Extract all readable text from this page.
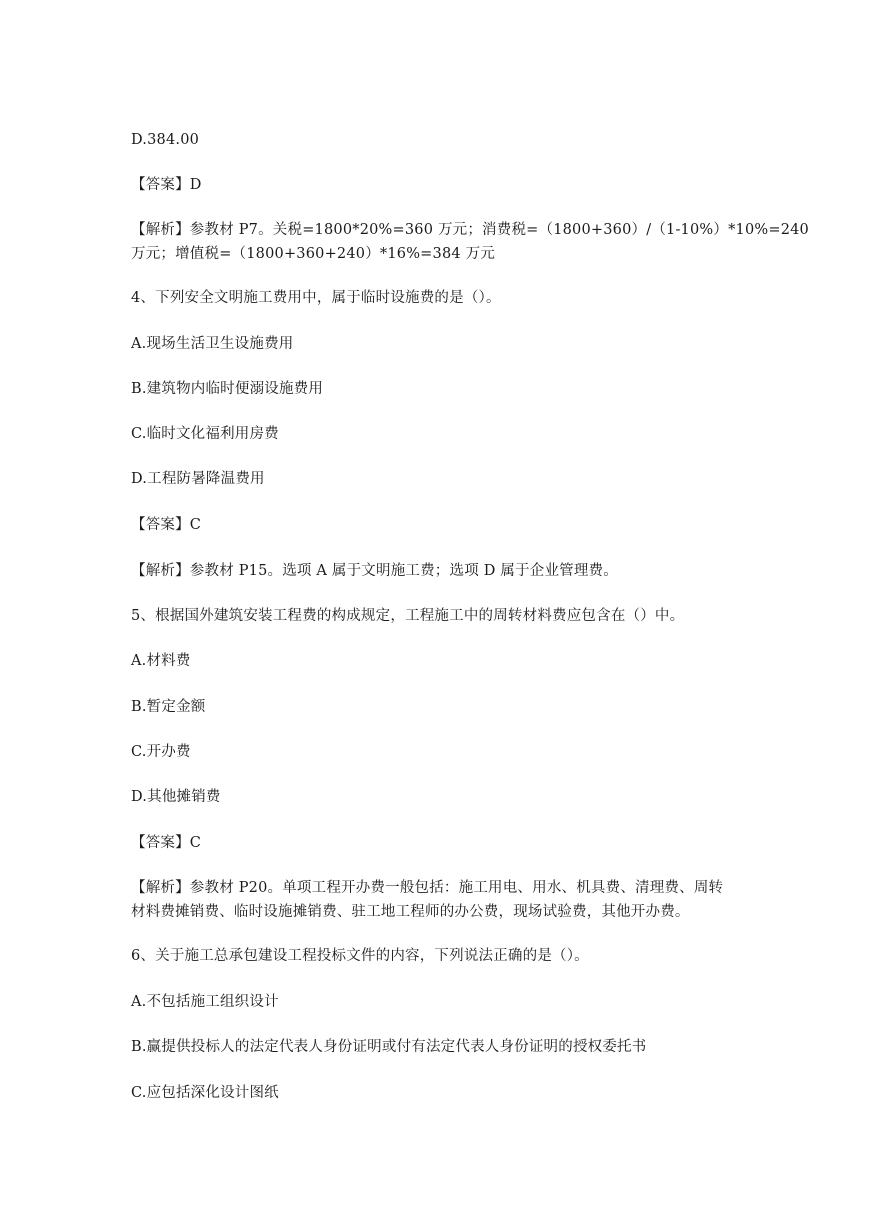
D.384.00
【答案】D
【解析】参教材 P7。关税=1800*20%=360 万元；消费税=（1800+360）/（1-10%）*10%=240
万元；增值税=（1800+360+240）*16%=384 万元
4、下列安全文明施工费用中，属于临时设施费的是（）。
A.现场生活卫生设施费用
B.建筑物内临时便溺设施费用
C.临时文化福利用房费
D.工程防暑降温费用
【答案】C
【解析】参教材 P15。选项 A 属于文明施工费；选项 D 属于企业管理费。
5、根据国外建筑安装工程费的构成规定，工程施工中的周转材料费应包含在（）中。
A.材料费
B.暂定金额
C.开办费
D.其他摊销费
【答案】C
【解析】参教材 P20。单项工程开办费一般包括：施工用电、用水、机具费、清理费、周转
材料费摊销费、临时设施摊销费、驻工地工程师的办公费，现场试验费，其他开办费。
6、关于施工总承包建设工程投标文件的内容，下列说法正确的是（）。
A.不包括施工组织设计
B.赢提供投标人的法定代表人身份证明或付有法定代表人身份证明的授权委托书
C.应包括深化设计图纸
